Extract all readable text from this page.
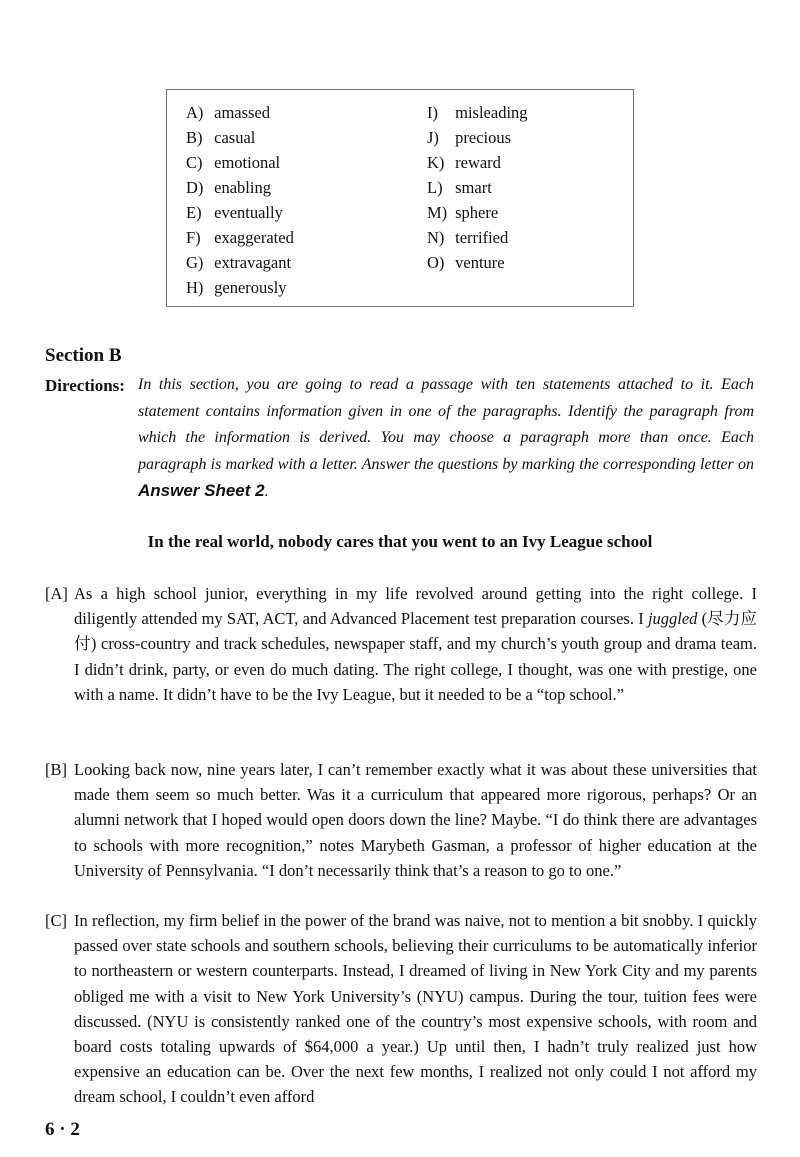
A) amassed
B) casual
C) emotional
D) enabling
E) eventually
F) exaggerated
G) extravagant
H) generously
I) misleading
J) precious
K) reward
L) smart
M) sphere
N) terrified
O) venture
Section B
Directions: In this section, you are going to read a passage with ten statements attached to it. Each statement contains information given in one of the paragraphs. Identify the paragraph from which the information is derived. You may choose a paragraph more than once. Each paragraph is marked with a letter. Answer the questions by marking the corresponding letter on Answer Sheet 2.
In the real world, nobody cares that you went to an Ivy League school
[A] As a high school junior, everything in my life revolved around getting into the right college. I diligently attended my SAT, ACT, and Advanced Placement test preparation courses. I juggled (尽力应付) cross-country and track schedules, newspaper staff, and my church’s youth group and drama team. I didn’t drink, party, or even do much dating. The right college, I thought, was one with prestige, one with a name. It didn’t have to be the Ivy League, but it needed to be a “top school.”
[B] Looking back now, nine years later, I can’t remember exactly what it was about these universities that made them seem so much better. Was it a curriculum that appeared more rigorous, perhaps? Or an alumni network that I hoped would open doors down the line? Maybe. “I do think there are advantages to schools with more recognition,” notes Marybeth Gasman, a professor of higher education at the University of Pennsylvania. “I don’t necessarily think that’s a reason to go to one.”
[C] In reflection, my firm belief in the power of the brand was naive, not to mention a bit snobby. I quickly passed over state schools and southern schools, believing their curriculums to be automatically inferior to northeastern or western counterparts. Instead, I dreamed of living in New York City and my parents obliged me with a visit to New York University’s (NYU) campus. During the tour, tuition fees were discussed. (NYU is consistently ranked one of the country’s most expensive schools, with room and board costs totaling upwards of $64,000 a year.) Up until then, I hadn’t truly realized just how expensive an education can be. Over the next few months, I realized not only could I not afford my dream school, I couldn’t even afford
6 · 2
